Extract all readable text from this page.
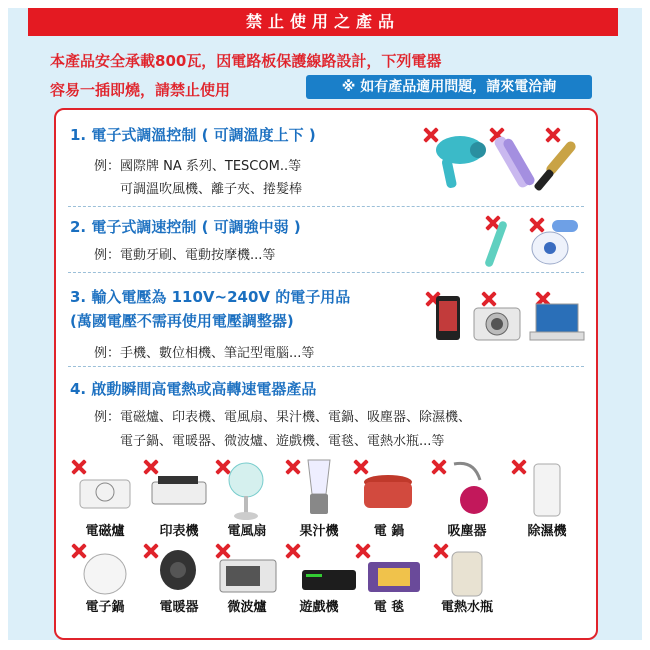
禁止使用之產品
本產品安全承載800瓦，因電路板保護線路設計，下列電器
容易一插即燒，請禁止使用	※ 如有產品適用問題，請來電洽詢
1. 電子式調溫控制 ( 可調溫度上下 )
例：國際牌 NA 系列、TESCOM..等
可調溫吹風機、離子夾、捲髮棒
2. 電子式調速控制 ( 可調強中弱 )
例：電動牙刷、電動按摩機...等
3. 輸入電壓為 110V~240V 的電子用品
(萬國電壓不需再使用電壓調整器)
例：手機、數位相機、筆記型電腦...等
4. 啟動瞬間高電熱或高轉速電器產品
例：電磁爐、印表機、電風扇、果汁機、電鍋、吸塵器、除濕機、
電子鍋、電暖器、微波爐、遊戲機、電毯、電熱水瓶...等
電磁爐	印表機	電風扇	果汁機	電 鍋	吸塵器	除濕機
電子鍋	電暖器	微波爐	遊戲機	電 毯	電熱水瓶
